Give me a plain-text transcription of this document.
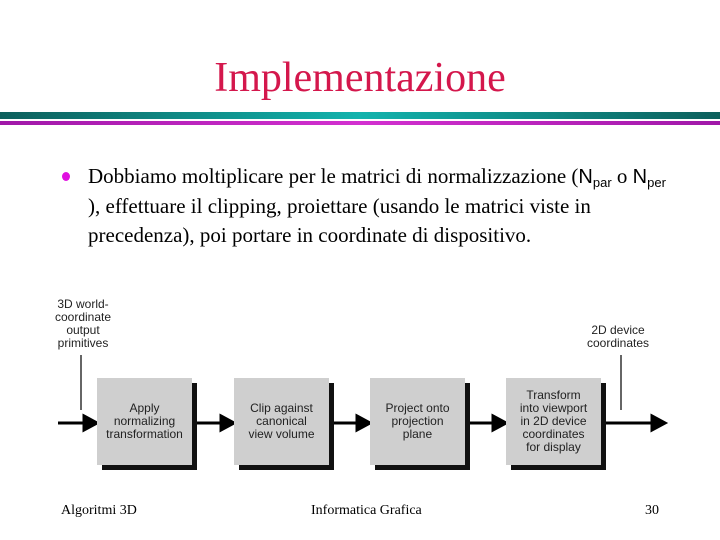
Implementazione
Dobbiamo moltiplicare per le matrici di normalizzazione ($N_{par}$ o $N_{per}$ ), effettuare il clipping, proiettare (usando le matrici viste in precedenza), poi portare in coordinate di dispositivo.
3D world-
coordinate
output
primitives
2D device
coordinates
Apply
normalizing
transformation
Clip against
canonical
view volume
Project onto
projection
plane
Transform
into viewport
in 2D device
coordinates
for display
Algoritmi 3D	Informatica Grafica	30
